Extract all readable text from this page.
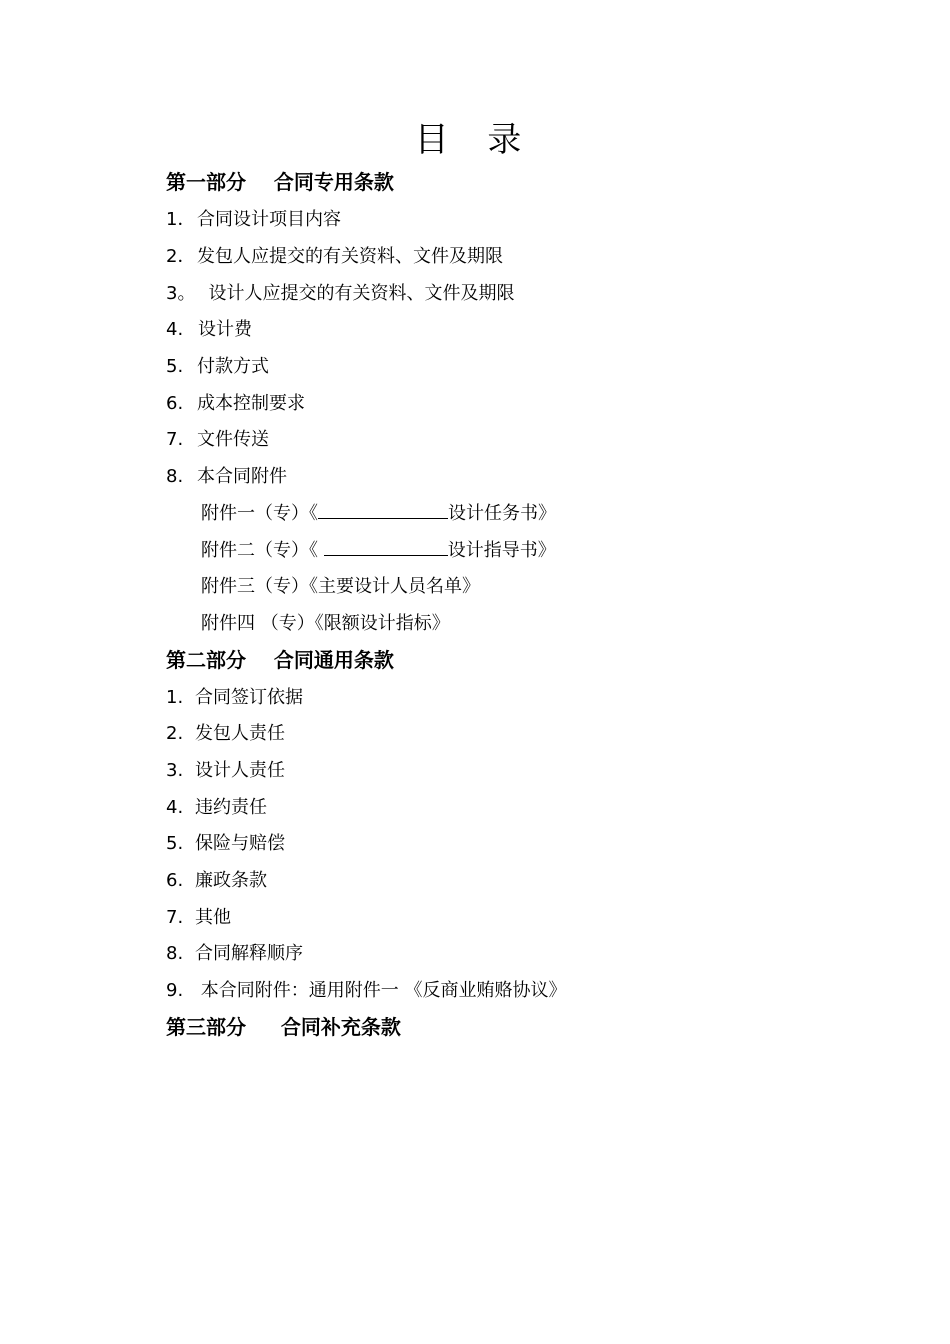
目 录
第一部分    合同专用条款
1．合同设计项目内容
2．发包人应提交的有关资料、文件及期限
3。  设计人应提交的有关资料、文件及期限
4. 设计费
5. 付款方式
6. 成本控制要求
7. 文件传送
8. 本合同附件
附件一（专）《	设计任务书》
附件二（专）《	设计指导书》
附件三（专）《主要设计人员名单》
附件四 （专）《限额设计指标》
第二部分    合同通用条款
1. 合同签订依据
2. 发包人责任
3. 设计人责任
4. 违约责任
5. 保险与赔偿
6. 廉政条款
7. 其他
8. 合同解释顺序
9. 本合同附件：通用附件一 《反商业贿赂协议》
第三部分     合同补充条款
